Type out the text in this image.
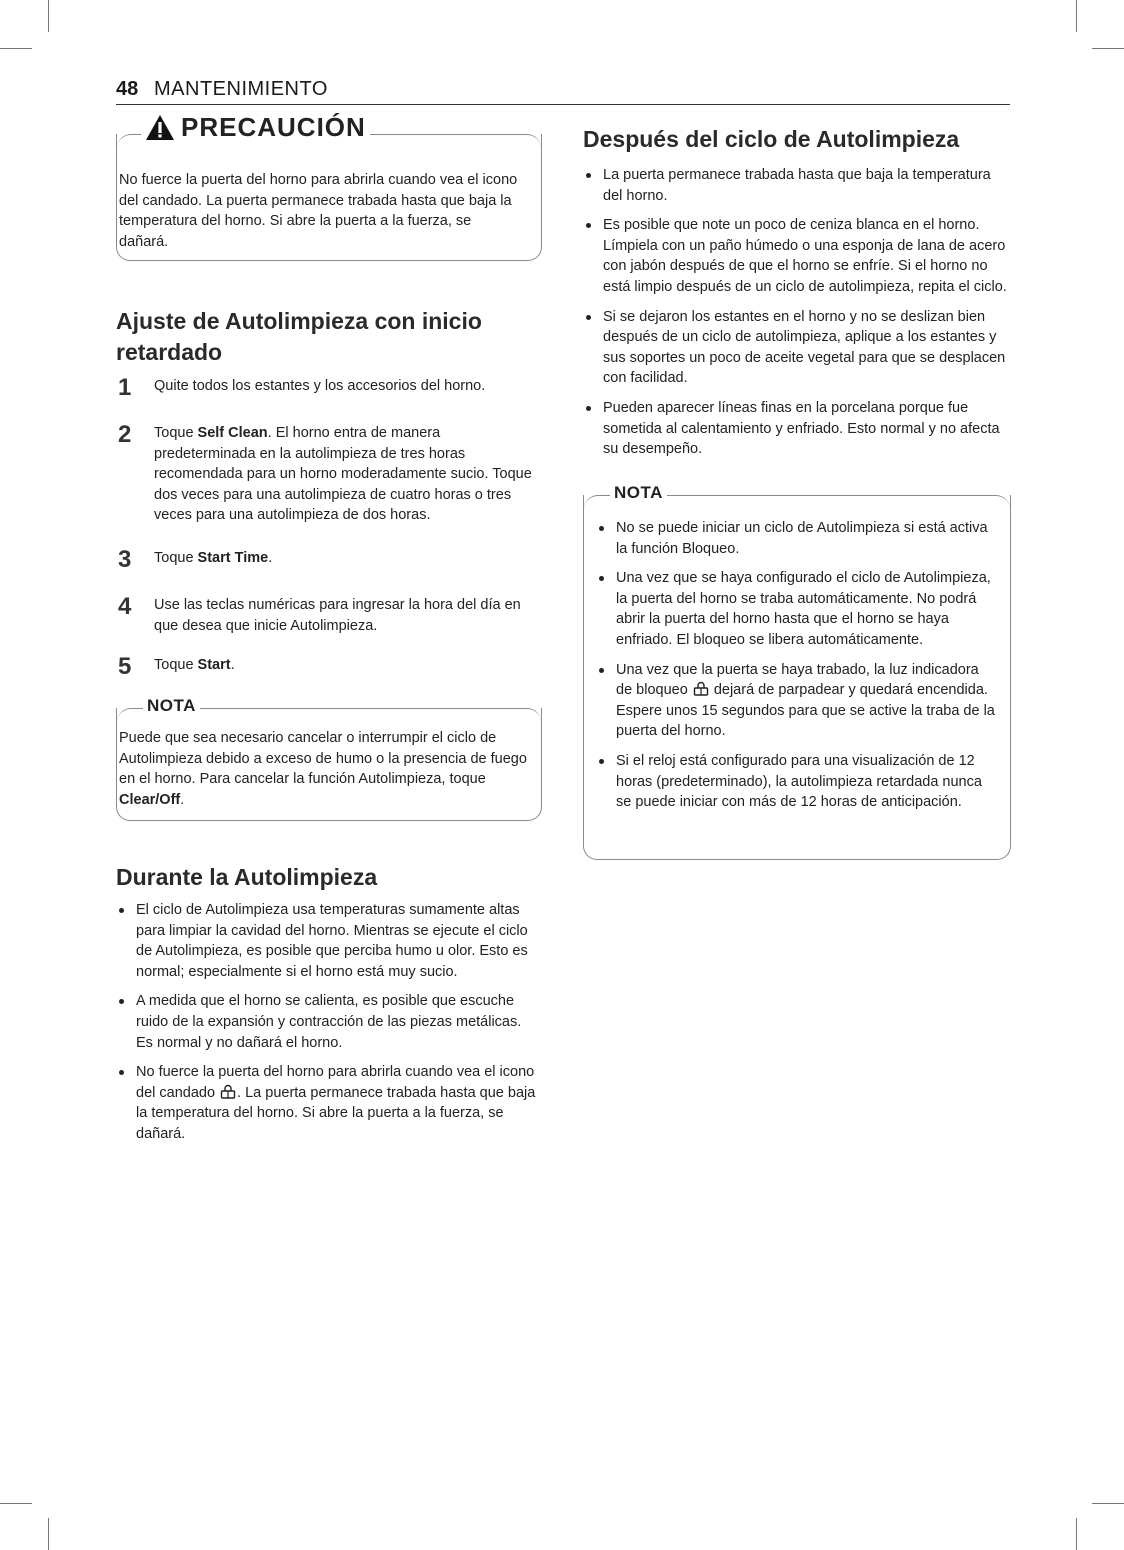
48 MANTENIMIENTO
PRECAUCIÓN
No fuerce la puerta del horno para abrirla cuando vea el icono del candado. La puerta permanece trabada hasta que baja la temperatura del horno. Si abre la puerta a la fuerza, se dañará.
Ajuste de Autolimpieza con inicio retardado
1	Quite todos los estantes y los accesorios del horno.
2	Toque Self Clean. El horno entra de manera predeterminada en la autolimpieza de tres horas recomendada para un horno moderadamente sucio. Toque dos veces para una autolimpieza de cuatro horas o tres veces para una autolimpieza de dos horas.
3	Toque Start Time.
4	Use las teclas numéricas para ingresar la hora del día en que desea que inicie Autolimpieza.
5	Toque Start.
NOTA
Puede que sea necesario cancelar o interrumpir el ciclo de Autolimpieza debido a exceso de humo o la presencia de fuego en el horno. Para cancelar la función Autolimpieza, toque Clear/Off.
Durante la Autolimpieza
El ciclo de Autolimpieza usa temperaturas sumamente altas para limpiar la cavidad del horno. Mientras se ejecute el ciclo de Autolimpieza, es posible que perciba humo u olor. Esto es normal; especialmente si el horno está muy sucio.
A medida que el horno se calienta, es posible que escuche ruido de la expansión y contracción de las piezas metálicas. Es normal y no dañará el horno.
No fuerce la puerta del horno para abrirla cuando vea el icono del candado . La puerta permanece trabada hasta que baja la temperatura del horno. Si abre la puerta a la fuerza, se dañará.
Después del ciclo de Autolimpieza
La puerta permanece trabada hasta que baja la temperatura del horno.
Es posible que note un poco de ceniza blanca en el horno. Límpiela con un paño húmedo o una esponja de lana de acero con jabón después de que el horno se enfríe. Si el horno no está limpio después de un ciclo de autolimpieza, repita el ciclo.
Si se dejaron los estantes en el horno y no se deslizan bien después de un ciclo de autolimpieza, aplique a los estantes y sus soportes un poco de aceite vegetal para que se desplacen con facilidad.
Pueden aparecer líneas finas en la porcelana porque fue sometida al calentamiento y enfriado. Esto normal y no afecta su desempeño.
NOTA
No se puede iniciar un ciclo de Autolimpieza si está activa la función Bloqueo.
Una vez que se haya configurado el ciclo de Autolimpieza, la puerta del horno se traba automáticamente. No podrá abrir la puerta del horno hasta que el horno se haya enfriado. El bloqueo se libera automáticamente.
Una vez que la puerta se haya trabado, la luz indicadora de bloqueo  dejará de parpadear y quedará encendida. Espere unos 15 segundos para que se active la traba de la puerta del horno.
Si el reloj está configurado para una visualización de 12 horas (predeterminado), la autolimpieza retardada nunca se puede iniciar con más de 12 horas de anticipación.
